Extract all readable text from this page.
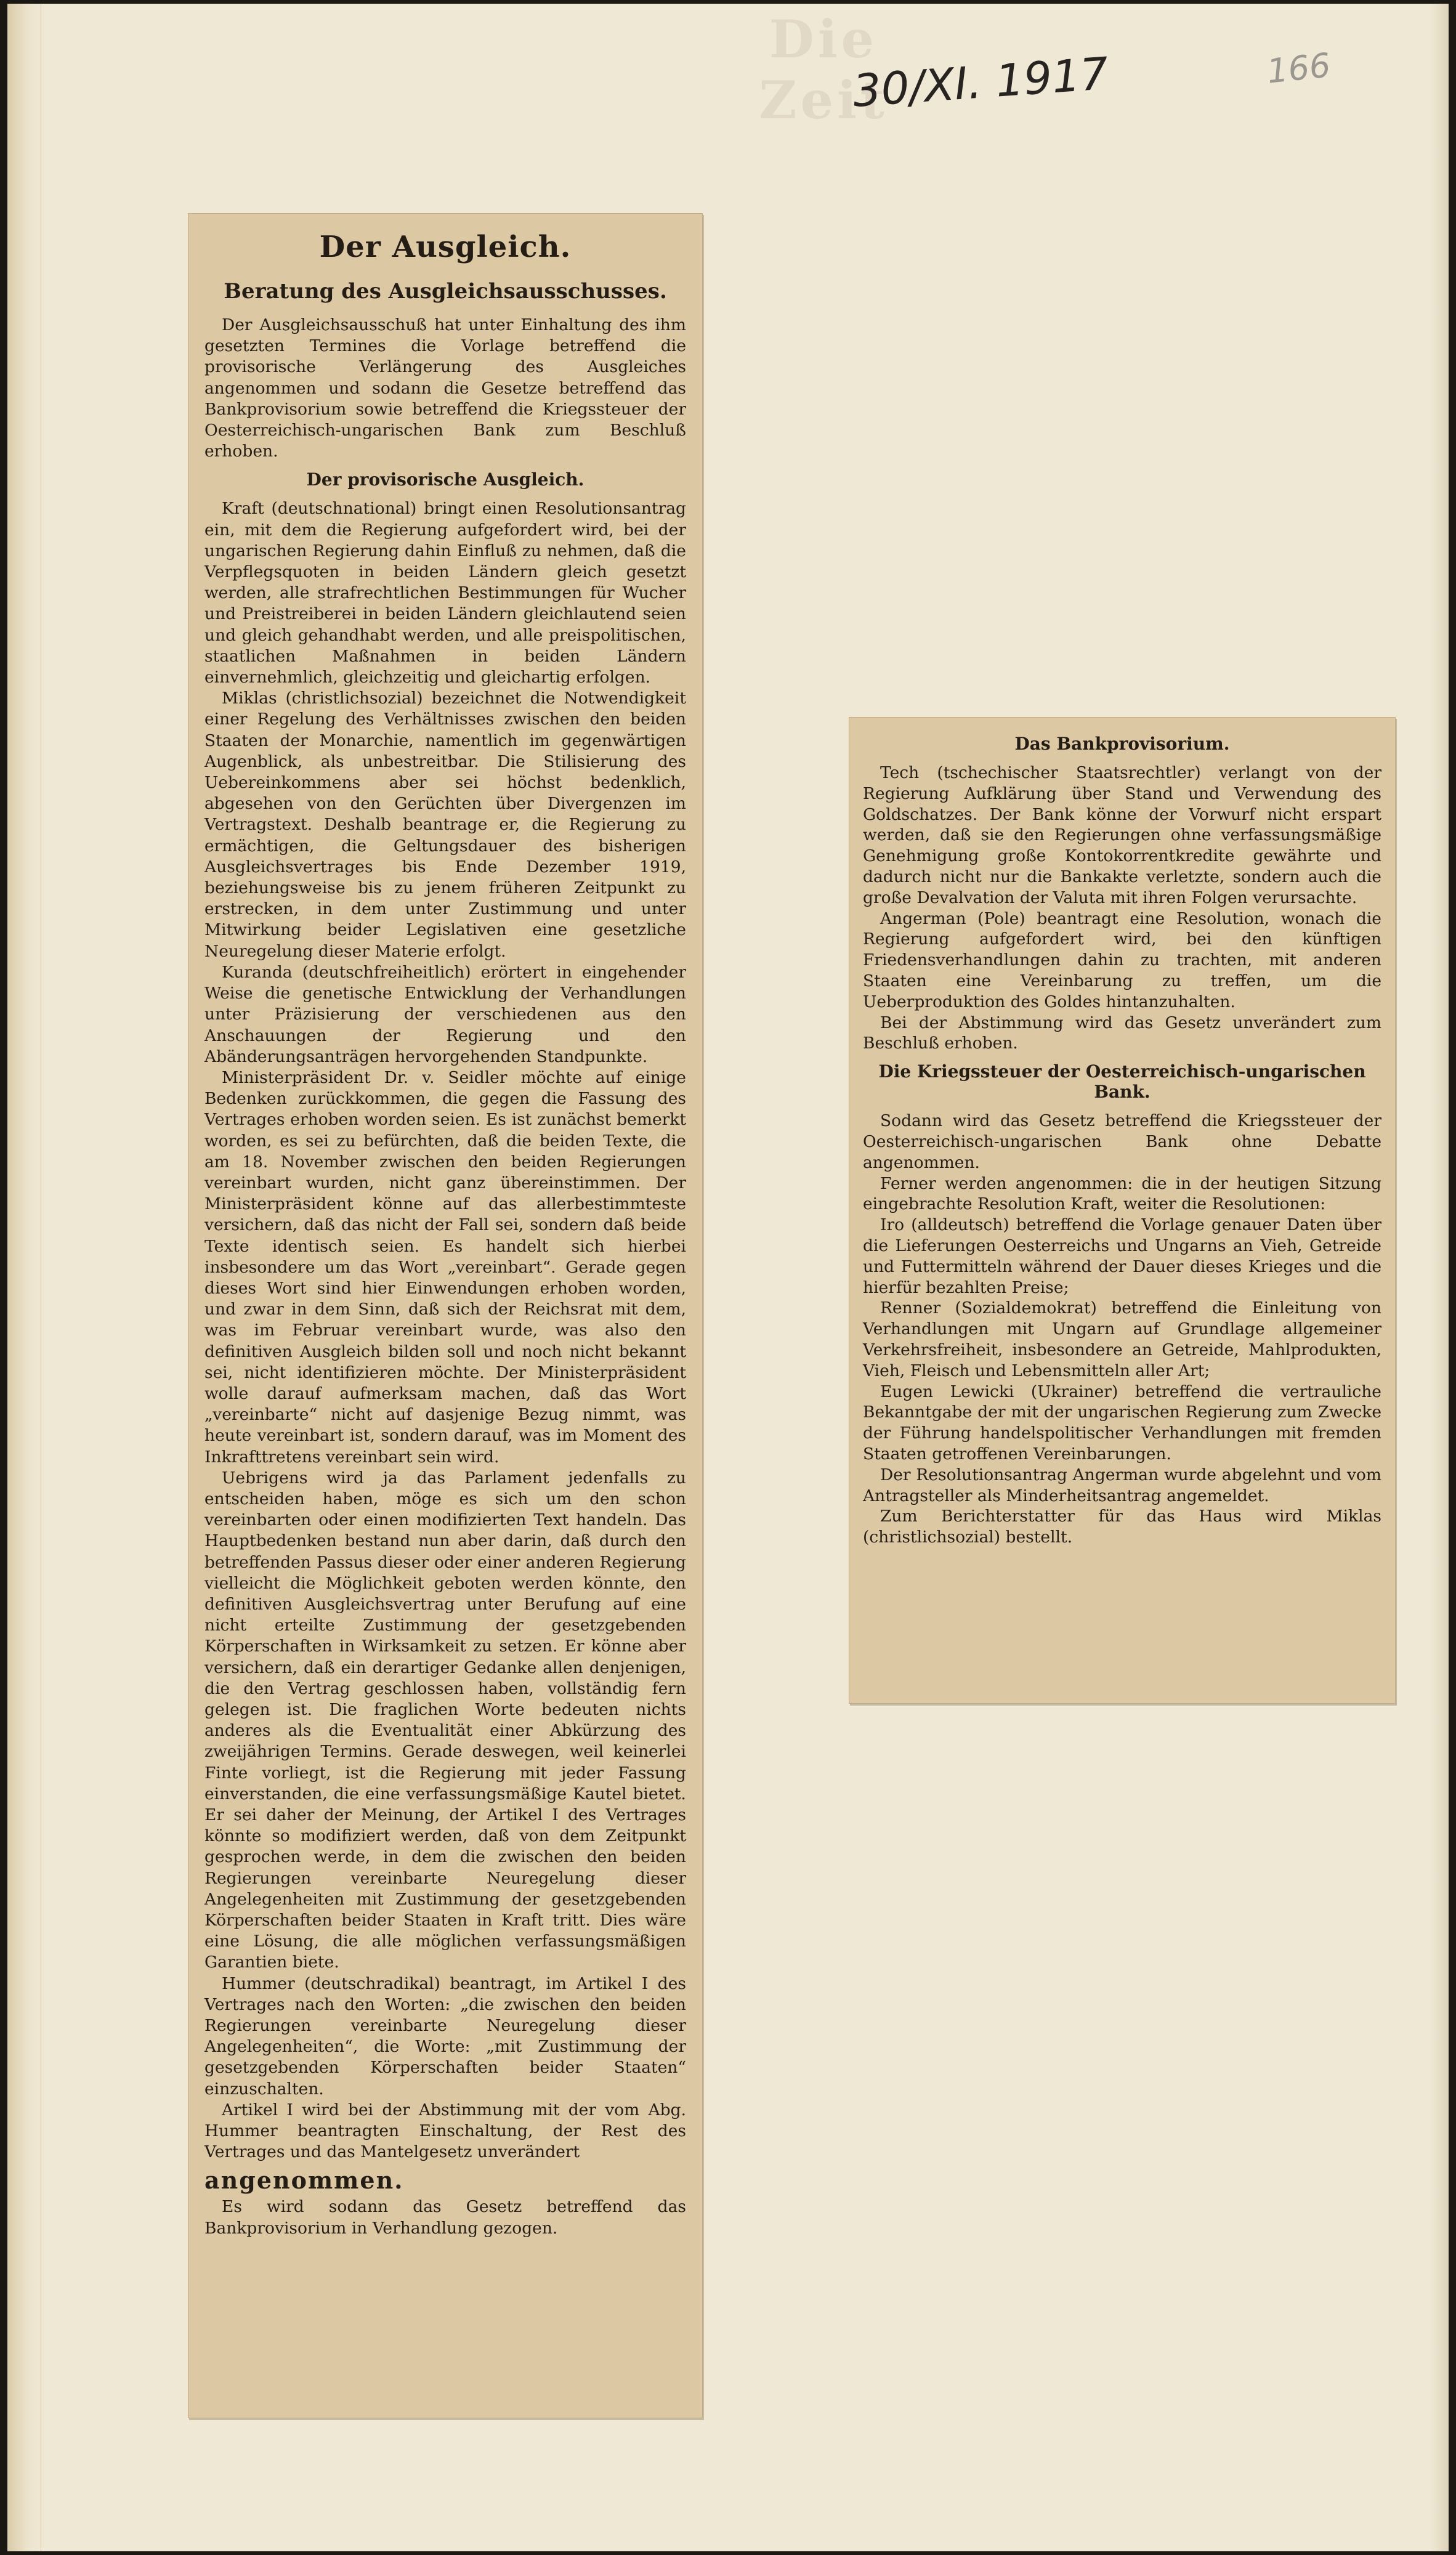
Die Zeit
30/XI. 1917	166
Der Ausgleich.
Beratung des Ausgleichsausschusses.

Der Ausgleichsausschuß hat unter Einhaltung des ihm gesetzten Termines die Vorlage betreffend die provisorische Verlängerung des Ausgleiches angenommen und sodann die Gesetze betreffend das Bankprovisorium sowie betreffend die Kriegssteuer der Oesterreichisch-ungarischen Bank zum Beschluß erhoben.

Der provisorische Ausgleich.

Kraft (deutschnational) bringt einen Resolutionsantrag ein, mit dem die Regierung aufgefordert wird, bei der ungarischen Regierung dahin Einfluß zu nehmen, daß die Verpflegsquoten in beiden Ländern gleich gesetzt werden, alle strafrechtlichen Bestimmungen für Wucher und Preistreiberei in beiden Ländern gleichlautend seien und gleich gehandhabt werden, und alle preispolitischen, staatlichen Maßnahmen in beiden Ländern einvernehmlich, gleichzeitig und gleichartig erfolgen.

Miklas (christlichsozial) bezeichnet die Notwendigkeit einer Regelung des Verhältnisses zwischen den beiden Staaten der Monarchie, namentlich im gegenwärtigen Augenblick, als unbestreitbar. Die Stilisierung des Uebereinkommens aber sei höchst bedenklich, abgesehen von den Gerüchten über Divergenzen im Vertragstext. Deshalb beantrage er, die Regierung zu ermächtigen, die Geltungsdauer des bisherigen Ausgleichsvertrages bis Ende Dezember 1919, beziehungsweise bis zu jenem früheren Zeitpunkt zu erstrecken, in dem unter Zustimmung und unter Mitwirkung beider Legislativen eine gesetzliche Neuregelung dieser Materie erfolgt.

Kuranda (deutschfreiheitlich) erörtert in eingehender Weise die genetische Entwicklung der Verhandlungen unter Präzisierung der verschiedenen aus den Anschauungen der Regierung und den Abänderungsanträgen hervorgehenden Standpunkte.

Ministerpräsident Dr. v. Seidler möchte auf einige Bedenken zurückkommen, die gegen die Fassung des Vertrages erhoben worden seien. Es ist zunächst bemerkt worden, es sei zu befürchten, daß die beiden Texte, die am 18. November zwischen den beiden Regierungen vereinbart wurden, nicht ganz übereinstimmen. Der Ministerpräsident könne auf das allerbestimmteste versichern, daß das nicht der Fall sei, sondern daß beide Texte identisch seien. Es handelt sich hierbei insbesondere um das Wort „vereinbart“. Gerade gegen dieses Wort sind hier Einwendungen erhoben worden, und zwar in dem Sinn, daß sich der Reichsrat mit dem, was im Februar vereinbart wurde, was also den definitiven Ausgleich bilden soll und noch nicht bekannt sei, nicht identifizieren möchte. Der Ministerpräsident wolle darauf aufmerksam machen, daß das Wort „vereinbarte“ nicht auf dasjenige Bezug nimmt, was heute vereinbart ist, sondern darauf, was im Moment des Inkrafttretens vereinbart sein wird.

Uebrigens wird ja das Parlament jedenfalls zu entscheiden haben, möge es sich um den schon vereinbarten oder einen modifizierten Text handeln. Das Hauptbedenken bestand nun aber darin, daß durch den betreffenden Passus dieser oder einer anderen Regierung vielleicht die Möglichkeit geboten werden könnte, den definitiven Ausgleichsvertrag unter Berufung auf eine nicht erteilte Zustimmung der gesetzgebenden Körperschaften in Wirksamkeit zu setzen. Er könne aber versichern, daß ein derartiger Gedanke allen denjenigen, die den Vertrag geschlossen haben, vollständig fern gelegen ist. Die fraglichen Worte bedeuten nichts anderes als die Eventualität einer Abkürzung des zweijährigen Termins. Gerade deswegen, weil keinerlei Finte vorliegt, ist die Regierung mit jeder Fassung einverstanden, die eine verfassungsmäßige Kautel bietet. Er sei daher der Meinung, der Artikel I des Vertrages könnte so modifiziert werden, daß von dem Zeitpunkt gesprochen werde, in dem die zwischen den beiden Regierungen vereinbarte Neuregelung dieser Angelegenheiten mit Zustimmung der gesetzgebenden Körperschaften beider Staaten in Kraft tritt. Dies wäre eine Lösung, die alle möglichen verfassungsmäßigen Garantien biete.

Hummer (deutschradikal) beantragt, im Artikel I des Vertrages nach den Worten: „die zwischen den beiden Regierungen vereinbarte Neuregelung dieser Angelegenheiten“, die Worte: „mit Zustimmung der gesetzgebenden Körperschaften beider Staaten“ einzuschalten.

Artikel I wird bei der Abstimmung mit der vom Abg. Hummer beantragten Einschaltung, der Rest des Vertrages und das Mantelgesetz unverändert

angenommen.

Es wird sodann das Gesetz betreffend das Bankprovisorium in Verhandlung gezogen.

Das Bankprovisorium.

Tech (tschechischer Staatsrechtler) verlangt von der Regierung Aufklärung über Stand und Verwendung des Goldschatzes. Der Bank könne der Vorwurf nicht erspart werden, daß sie den Regierungen ohne verfassungsmäßige Genehmigung große Kontokorrentkredite gewährte und dadurch nicht nur die Bankakte verletzte, sondern auch die große Devalvation der Valuta mit ihren Folgen verursachte.

Angerman (Pole) beantragt eine Resolution, wonach die Regierung aufgefordert wird, bei den künftigen Friedensverhandlungen dahin zu trachten, mit anderen Staaten eine Vereinbarung zu treffen, um die Ueberproduktion des Goldes hintanzuhalten.

Bei der Abstimmung wird das Gesetz unverändert zum Beschluß erhoben.

Die Kriegssteuer der Oesterreichisch-ungarischen Bank.

Sodann wird das Gesetz betreffend die Kriegssteuer der Oesterreichisch-ungarischen Bank ohne Debatte angenommen.

Ferner werden angenommen: die in der heutigen Sitzung eingebrachte Resolution Kraft, weiter die Resolutionen:

Iro (alldeutsch) betreffend die Vorlage genauer Daten über die Lieferungen Oesterreichs und Ungarns an Vieh, Getreide und Futtermitteln während der Dauer dieses Krieges und die hierfür bezahlten Preise;

Renner (Sozialdemokrat) betreffend die Einleitung von Verhandlungen mit Ungarn auf Grundlage allgemeiner Verkehrsfreiheit, insbesondere an Getreide, Mahlprodukten, Vieh, Fleisch und Lebensmitteln aller Art;

Eugen Lewicki (Ukrainer) betreffend die vertrauliche Bekanntgabe der mit der ungarischen Regierung zum Zwecke der Führung handelspolitischer Verhandlungen mit fremden Staaten getroffenen Vereinbarungen.

Der Resolutionsantrag Angerman wurde abgelehnt und vom Antragsteller als Minderheitsantrag angemeldet.

Zum Berichterstatter für das Haus wird Miklas (christlichsozial) bestellt.
